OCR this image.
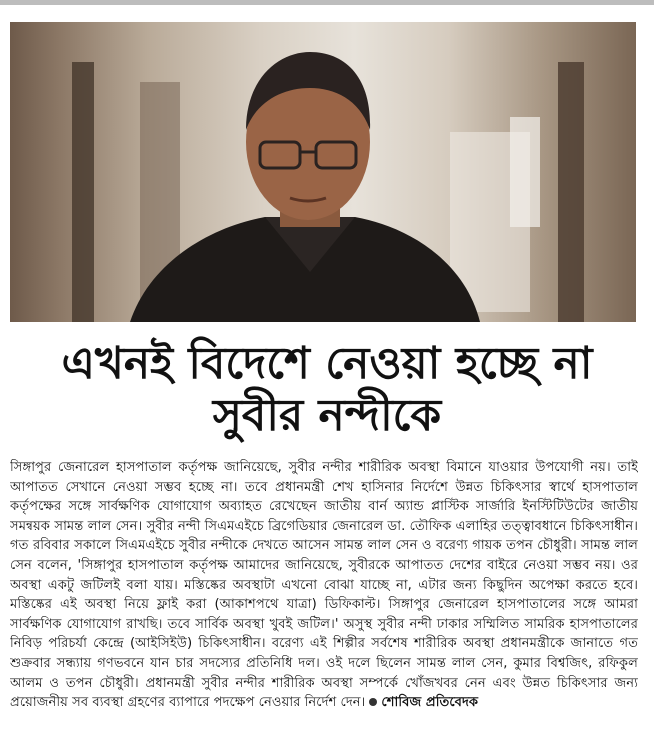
এখনই বিদেশে নেওয়া হচ্ছে না
সুবীর নন্দীকে
সিঙ্গাপুর জেনারেল হাসপাতাল কর্তৃপক্ষ জানিয়েছে, সুবীর নন্দীর শারীরিক অবস্থা বিমানে যাওয়ার উপযোগী নয়। তাই আপাতত সেখানে নেওয়া সম্ভব হচ্ছে না। তবে প্রধানমন্ত্রী শেখ হাসিনার নির্দেশে উন্নত চিকিৎসার স্বার্থে হাসপাতাল কর্তৃপক্ষের সঙ্গে সার্বক্ষণিক যোগাযোগ অব্যাহত রেখেছেন জাতীয় বার্ন অ্যান্ড প্লাস্টিক সার্জারি ইনস্টিটিউটের জাতীয় সমন্বয়ক সামন্ত লাল সেন। সুবীর নন্দী সিএমএইচে ব্রিগেডিয়ার জেনারেল ডা. তৌফিক এলাহির তত্ত্বাবধানে চিকিৎসাধীন। গত রবিবার সকালে সিএমএইচে সুবীর নন্দীকে দেখতে আসেন সামন্ত লাল সেন ও বরেণ্য গায়ক তপন চৌধুরী। সামন্ত লাল সেন বলেন, 'সিঙ্গাপুর হাসপাতাল কর্তৃপক্ষ আমাদের জানিয়েছে, সুবীরকে আপাতত দেশের বাইরে নেওয়া সম্ভব নয়। ওর অবস্থা একটু জটিলই বলা যায়। মস্তিষ্কের অবস্থাটা এখনো বোঝা যাচ্ছে না, এটার জন্য কিছুদিন অপেক্ষা করতে হবে। মস্তিষ্কের এই অবস্থা নিয়ে ফ্লাই করা (আকাশপথে যাত্রা) ডিফিকাল্ট। সিঙ্গাপুর জেনারেল হাসপাতালের সঙ্গে আমরা সার্বক্ষণিক যোগাযোগ রাখছি। তবে সার্বিক অবস্থা খুবই জটিল।' অসুস্থ সুবীর নন্দী ঢাকার সম্মিলিত সামরিক হাসপাতালের নিবিড় পরিচর্যা কেন্দ্রে (আইসিইউ) চিকিৎসাধীন। বরেণ্য এই শিল্পীর সর্বশেষ শারীরিক অবস্থা প্রধানমন্ত্রীকে জানাতে গত শুক্রবার সন্ধ্যায় গণভবনে যান চার সদস্যের প্রতিনিধি দল। ওই দলে ছিলেন সামন্ত লাল সেন, কুমার বিশ্বজিৎ, রফিকুল আলম ও তপন চৌধুরী। প্রধানমন্ত্রী সুবীর নন্দীর শারীরিক অবস্থা সম্পর্কে খোঁজখবর নেন এবং উন্নত চিকিৎসার জন্য প্রয়োজনীয় সব ব্যবস্থা গ্রহণের ব্যাপারে পদক্ষেপ নেওয়ার নির্দেশ দেন। শোবিজ প্রতিবেদক
